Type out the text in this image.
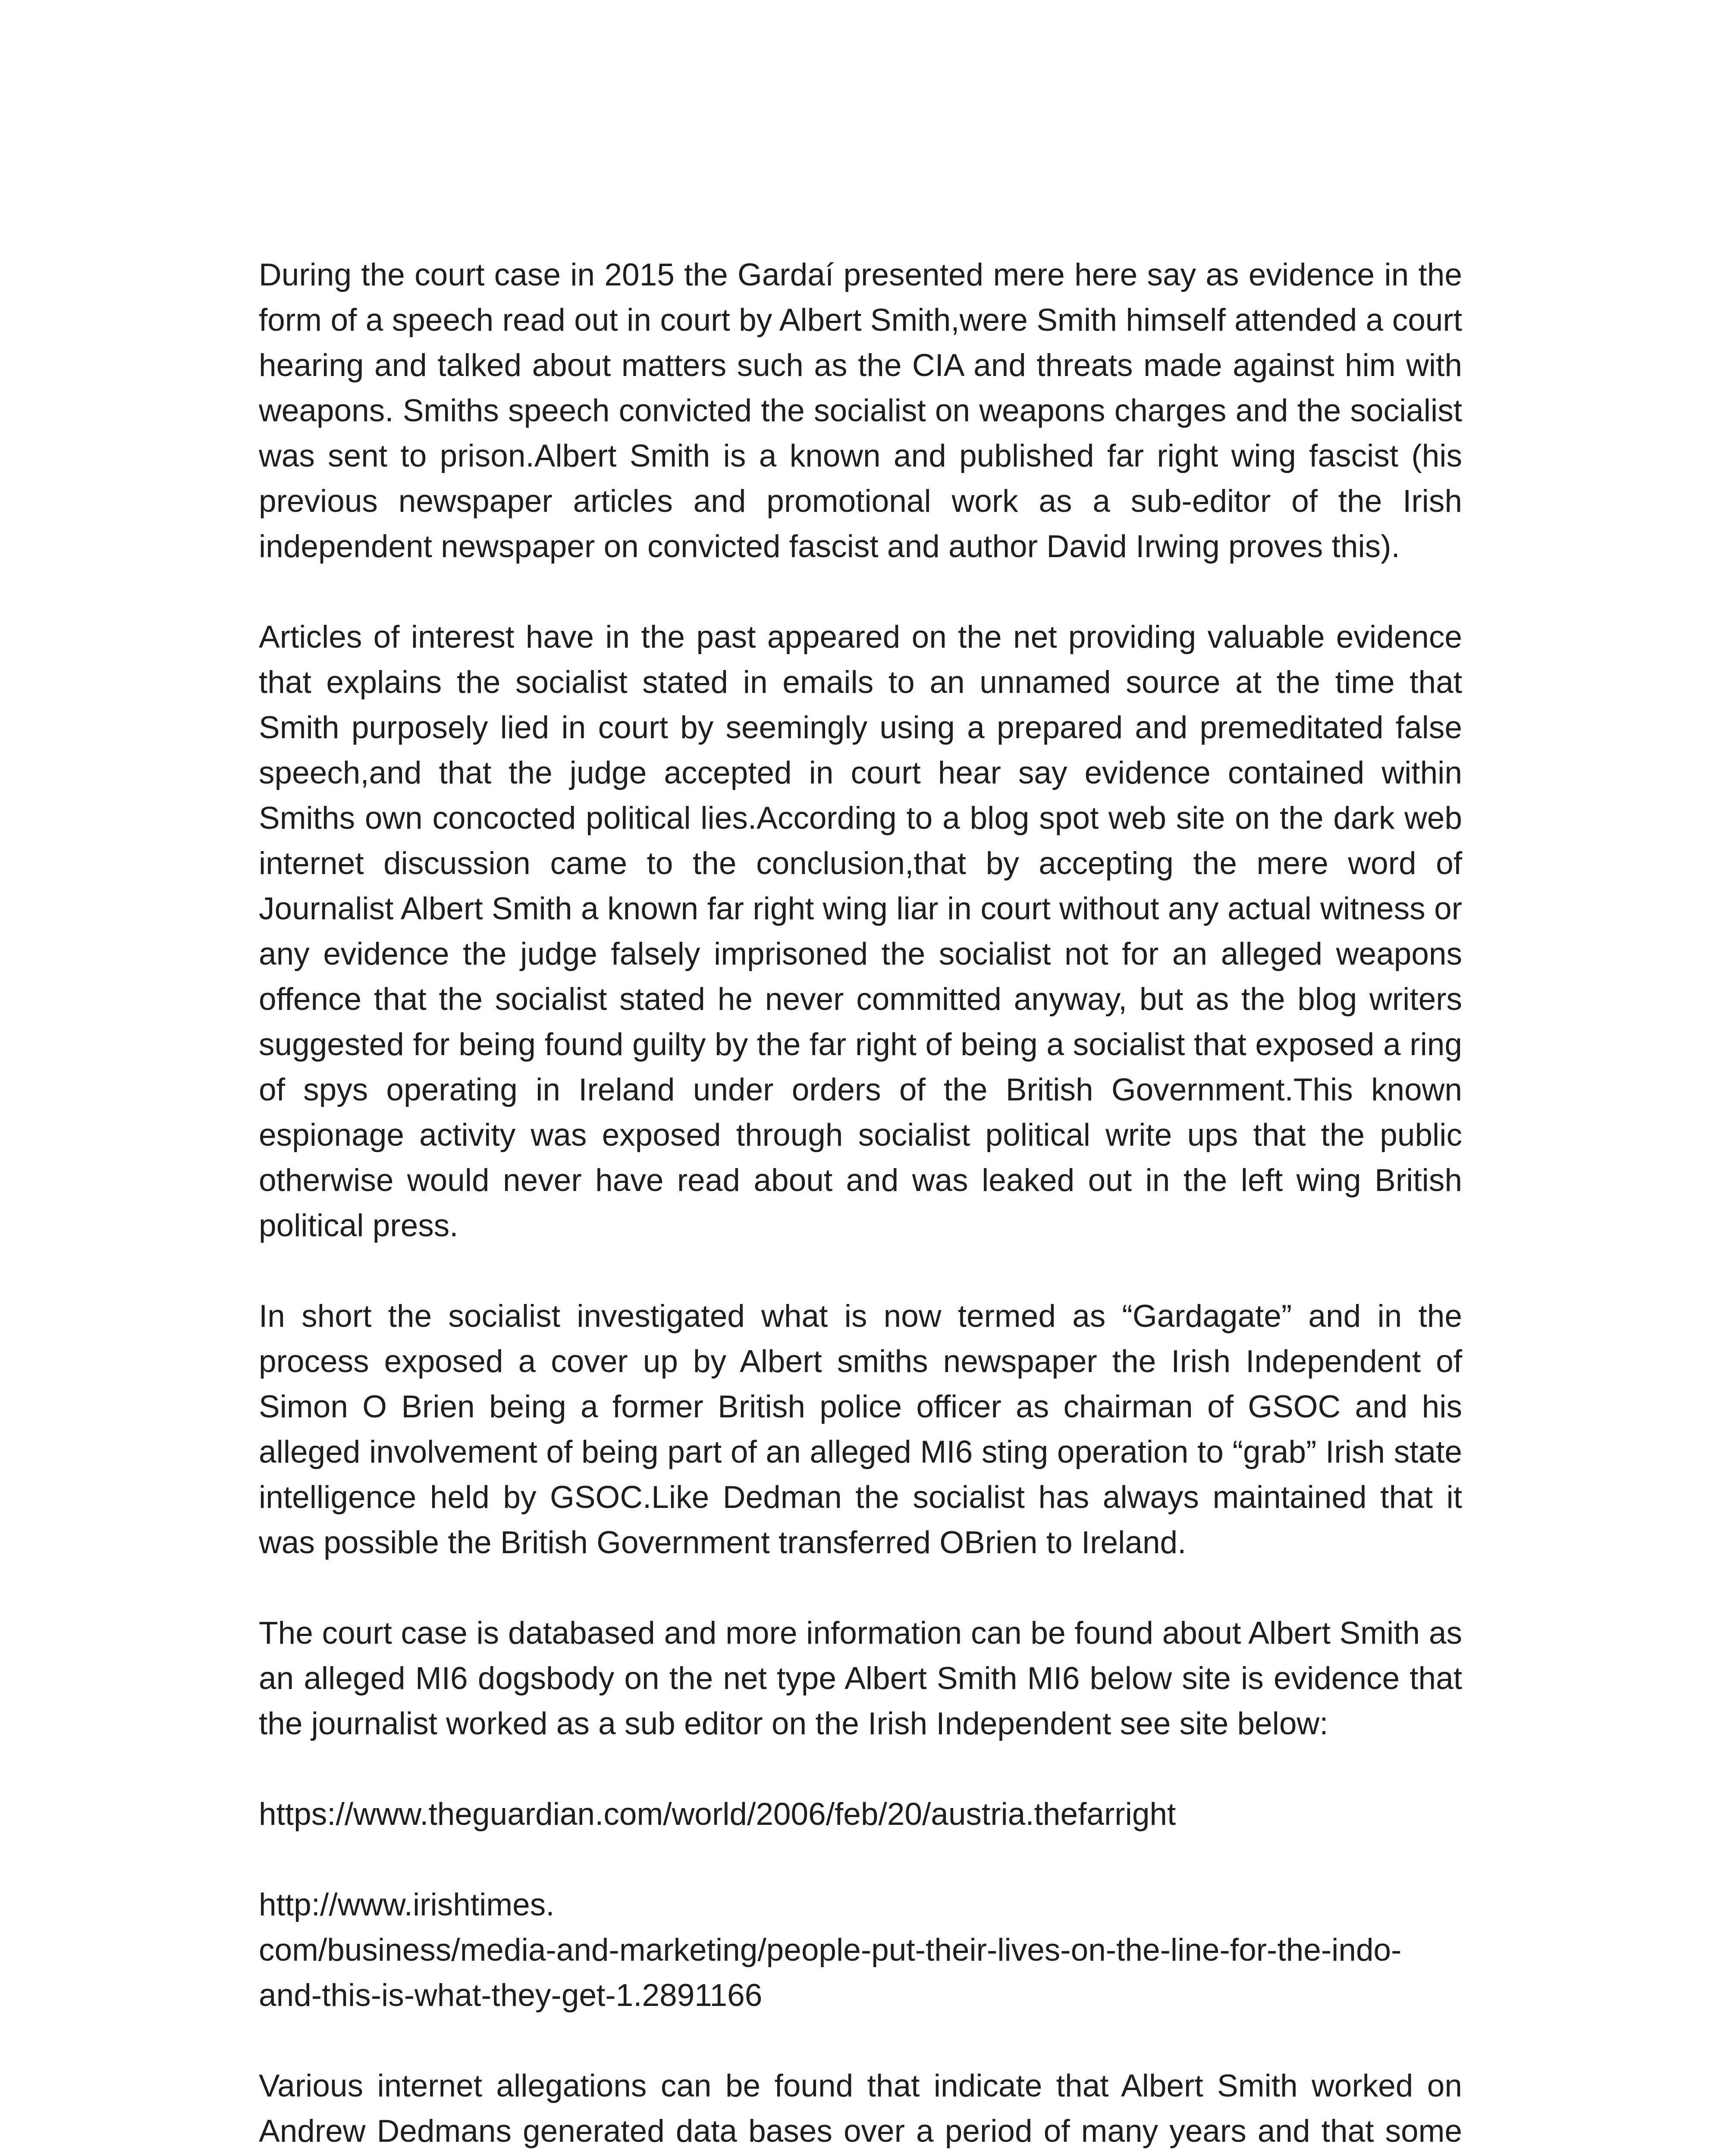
During the court case in 2015 the Gardaí presented mere here say as evidence in the form of a speech read out in court by Albert Smith,were Smith himself attended a court hearing and talked about matters such as the CIA and threats made against him with weapons. Smiths speech convicted the socialist on weapons charges and the socialist was sent to prison.Albert Smith is a known and published far right wing fascist (his previous newspaper articles and promotional work as a sub-editor of the Irish independent newspaper on convicted fascist and author David Irwing proves this).

Articles of interest have in the past appeared on the net providing valuable evidence that explains the socialist stated in emails to an unnamed source at the time that Smith purposely lied in court by seemingly using a prepared and premeditated false speech,and that the judge accepted in court hear say evidence contained within Smiths own concocted political lies.According to a blog spot web site on the dark web internet discussion came to the conclusion,that by accepting the mere word of Journalist Albert Smith a known far right wing liar in court without any actual witness or any evidence the judge falsely imprisoned the socialist not for an alleged weapons offence that the socialist stated he never committed anyway, but as the blog writers suggested for being found guilty by the far right of being a socialist that exposed a ring of spys operating in Ireland under orders of the British Government.This known espionage activity was exposed through socialist political write ups that the public otherwise would never have read about and was leaked out in the left wing British political press.

In short the socialist investigated what is now termed as “Gardagate” and in the process exposed a cover up by Albert smiths newspaper the Irish Independent of Simon O Brien being a former British police officer as chairman of GSOC and his alleged involvement of being part of an alleged MI6 sting operation to “grab” Irish state intelligence held by GSOC.Like Dedman the socialist has always maintained that it was possible the British Government transferred OBrien to Ireland.

The court case is databased and more information can be found about Albert Smith as an alleged MI6 dogsbody on the net type Albert Smith MI6 below site is evidence that the journalist worked as a sub editor on the Irish Independent see site below:

https://www.theguardian.com/world/2006/feb/20/austria.thefarright

http://www.irishtimes.
com/business/media-and-marketing/people-put-their-lives-on-the-line-for-the-indo-
and-this-is-what-they-get-1.2891166

Various internet allegations can be found that indicate that Albert Smith worked on Andrew Dedmans generated data bases over a period of many years and that some
